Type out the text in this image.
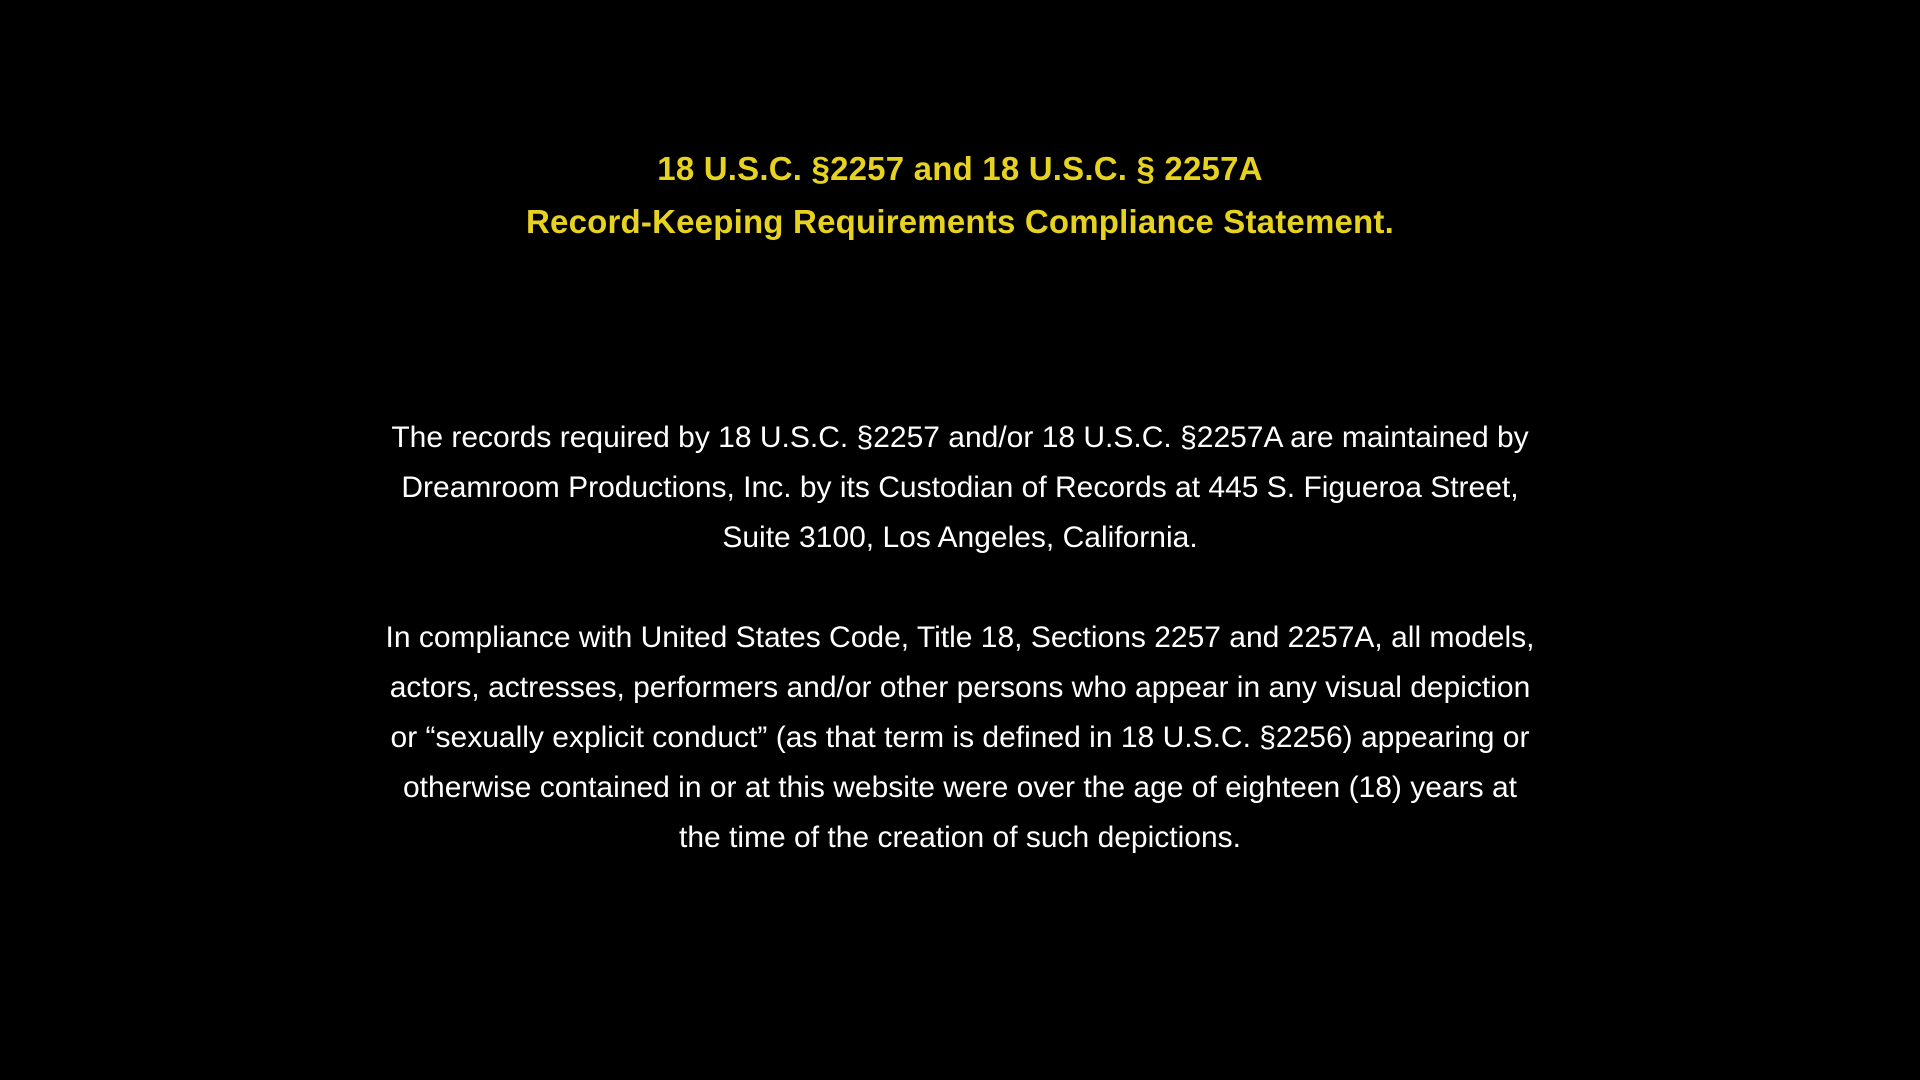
18 U.S.C. §2257 and 18 U.S.C. § 2257A
Record-Keeping Requirements Compliance Statement.
The records required by 18 U.S.C. §2257 and/or 18 U.S.C. §2257A are maintained by
Dreamroom Productions, Inc. by its Custodian of Records at 445 S. Figueroa Street,
Suite 3100, Los Angeles, California.
In compliance with United States Code, Title 18, Sections 2257 and 2257A, all models,
actors, actresses, performers and/or other persons who appear in any visual depiction
or “sexually explicit conduct” (as that term is defined in 18 U.S.C. §2256) appearing or
otherwise contained in or at this website were over the age of eighteen (18) years at
the time of the creation of such depictions.
